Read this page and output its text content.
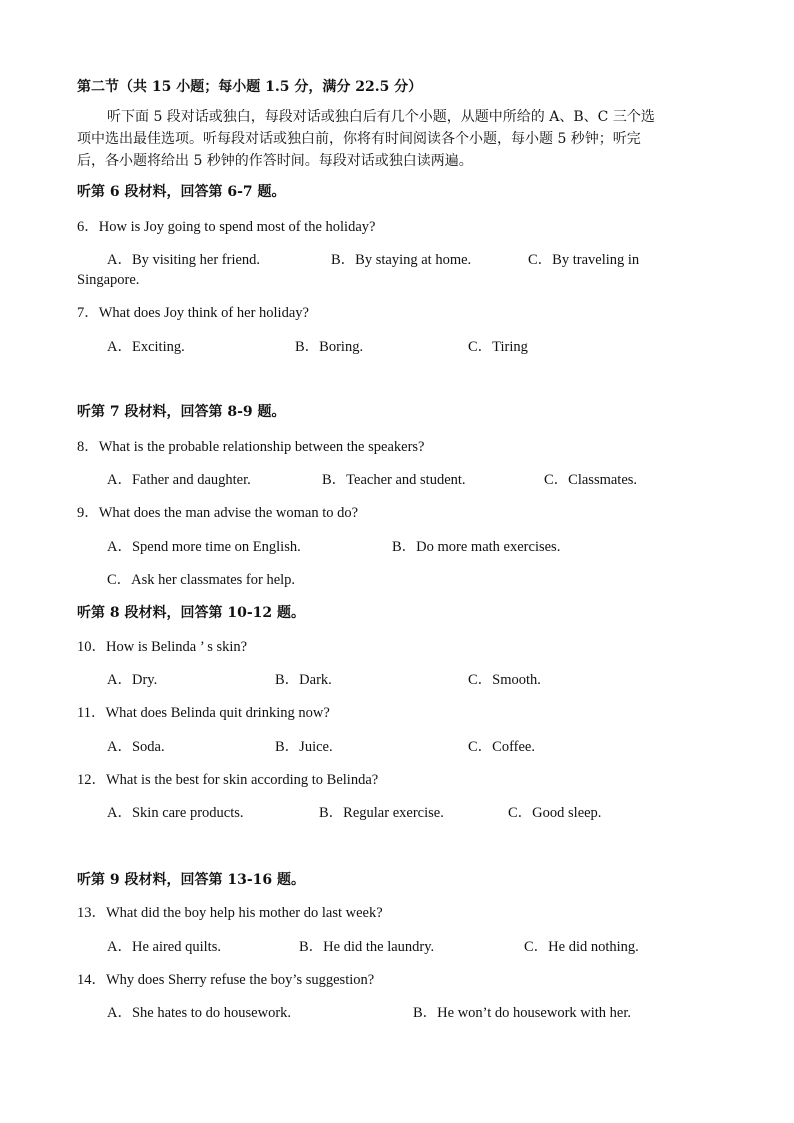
第二节（共 15 小题；每小题 1.5 分，满分 22.5 分）
听下面 5 段对话或独白，每段对话或独白后有几个小题，从题中所给的 A、B、C 三个选
项中选出最佳选项。听每段对话或独白前，你将有时间阅读各个小题，每小题 5 秒钟；听完
后，各小题将给出 5 秒钟的作答时间。每段对话或独白读两遍。
听第 6 段材料，回答第 6-7 题。
6．How is Joy going to spend most of the holiday?
A．By visiting her friend.	B．By staying at home.	C．By traveling in
Singapore.
7．What does Joy think of her holiday?
A．Exciting.	B．Boring.	C．Tiring
听第 7 段材料，回答第 8-9 题。
8．What is the probable relationship between the speakers?
A．Father and daughter.	B．Teacher and student.	C．Classmates.
9．What does the man advise the woman to do?
A．Spend more time on English.	B．Do more math exercises.
C．Ask her classmates for help.
听第 8 段材料，回答第 10-12 题。
10．How is Belinda ’ s skin?
A．Dry.	B．Dark.	C．Smooth.
11．What does Belinda quit drinking now?
A．Soda.	B．Juice.	C．Coffee.
12．What is the best for skin according to Belinda?
A．Skin care products.	B．Regular exercise.	C．Good sleep.
听第 9 段材料，回答第 13-16 题。
13．What did the boy help his mother do last week?
A．He aired quilts.	B．He did the laundry.	C．He did nothing.
14．Why does Sherry refuse the boy’s suggestion?
A．She hates to do housework.	B．He won’t do housework with her.
